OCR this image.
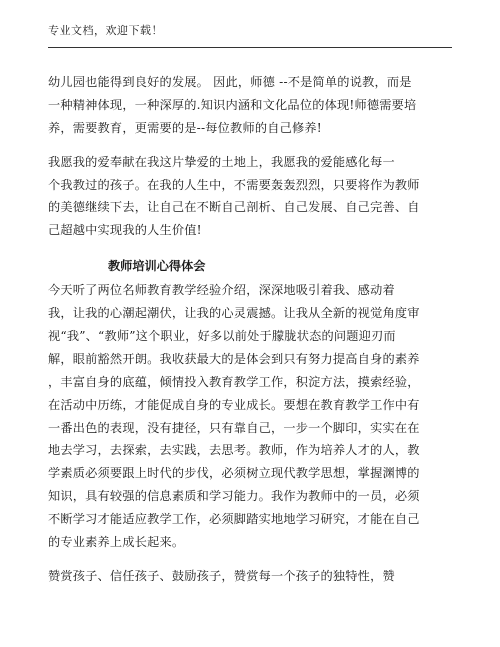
专业文档，欢迎下载！
幼儿园也能得到良好的发展。 因此，师德 --不是简单的说教，而是
一种精神体现，一种深厚的.知识内涵和文化品位的体现!师德需要培
养，需要教育，更需要的是--每位教师的自己修养!
我愿我的爱奉献在我这片挚爱的土地上，我愿我的爱能感化每一
个我教过的孩子。在我的人生中，不需要轰轰烈烈，只要将作为教师
的美德继续下去，让自己在不断自己剖析、自己发展、自己完善、自
己超越中实现我的人生价值!
教师培训心得体会
今天听了两位名师教育教学经验介绍，深深地吸引着我、感动着
我，让我的心潮起潮伏，让我的心灵震撼。让我从全新的视觉角度审
视“我”、“教师”这个职业，好多以前处于朦胧状态的问题迎刃而
解，眼前豁然开朗。我收获最大的是体会到只有努力提高自身的素养
，丰富自身的底蕴，倾情投入教育教学工作，积淀方法，摸索经验，
在活动中历练，才能促成自身的专业成长。要想在教育教学工作中有
一番出色的表现，没有捷径，只有靠自己，一步一个脚印，实实在在
地去学习，去探索，去实践，去思考。教师，作为培养人才的人，教
学素质必须要跟上时代的步伐，必须树立现代教学思想，掌握渊博的
知识，具有较强的信息素质和学习能力。我作为教师中的一员，必须
不断学习才能适应教学工作，必须脚踏实地地学习研究，才能在自己
的专业素养上成长起来。
赞赏孩子、信任孩子、鼓励孩子，赞赏每一个孩子的独特性，赞
